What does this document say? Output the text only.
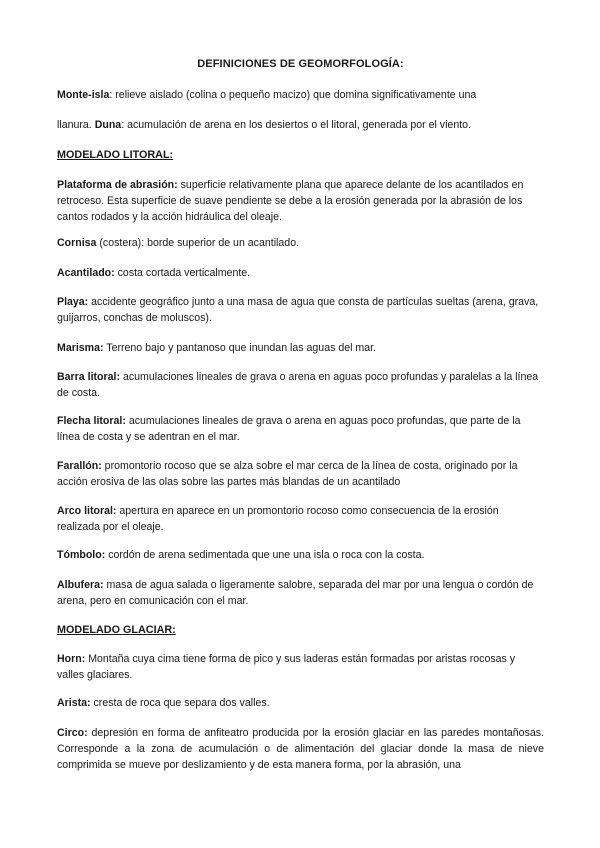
DEFINICIONES DE GEOMORFOLOGÍA:

Monte-isla: relieve aislado (colina o pequeño macizo) que domina significativamente una

llanura. Duna: acumulación de arena en los desiertos o el litoral, generada por el viento.

MODELADO LITORAL:

Plataforma de abrasión: superficie relativamente plana que aparece delante de los acantilados en retroceso. Esta superficie de suave pendiente se debe a la erosión generada por la abrasión de los cantos rodados y la acción hidráulica del oleaje.

Cornisa (costera): borde superior de un acantilado.

Acantilado: costa cortada verticalmente.

Playa: accidente geográfico junto a una masa de agua que consta de partículas sueltas (arena, grava, guijarros, conchas de moluscos).

Marisma: Terreno bajo y pantanoso que inundan las aguas del mar.

Barra litoral: acumulaciones lineales de grava o arena en aguas poco profundas y paralelas a la línea de costa.

Flecha litoral: acumulaciones lineales de grava o arena en aguas poco profundas, que parte de la línea de costa y se adentran en el mar.

Farallón: promontorio rocoso que se alza sobre el mar cerca de la línea de costa, originado por la acción erosiva de las olas sobre las partes más blandas de un acantilado

Arco litoral: apertura en aparece en un promontorio rocoso como consecuencia de la erosión realizada por el oleaje.

Tómbolo: cordón de arena sedimentada que une una isla o roca con la costa.

Albufera: masa de agua salada o ligeramente salobre, separada del mar por una lengua o cordón de arena, pero en comunicación con el mar.

MODELADO GLACIAR:

Horn: Montaña cuya cima tiene forma de pico y sus laderas están formadas por aristas rocosas y valles glaciares.

Arista: cresta de roca que separa dos valles.

Circo: depresión en forma de anfiteatro producida por la erosión glaciar en las paredes montañosas. Corresponde a la zona de acumulación o de alimentación del glaciar donde la masa de nieve comprimida se mueve por deslizamiento y de esta manera forma, por la abrasión, una
